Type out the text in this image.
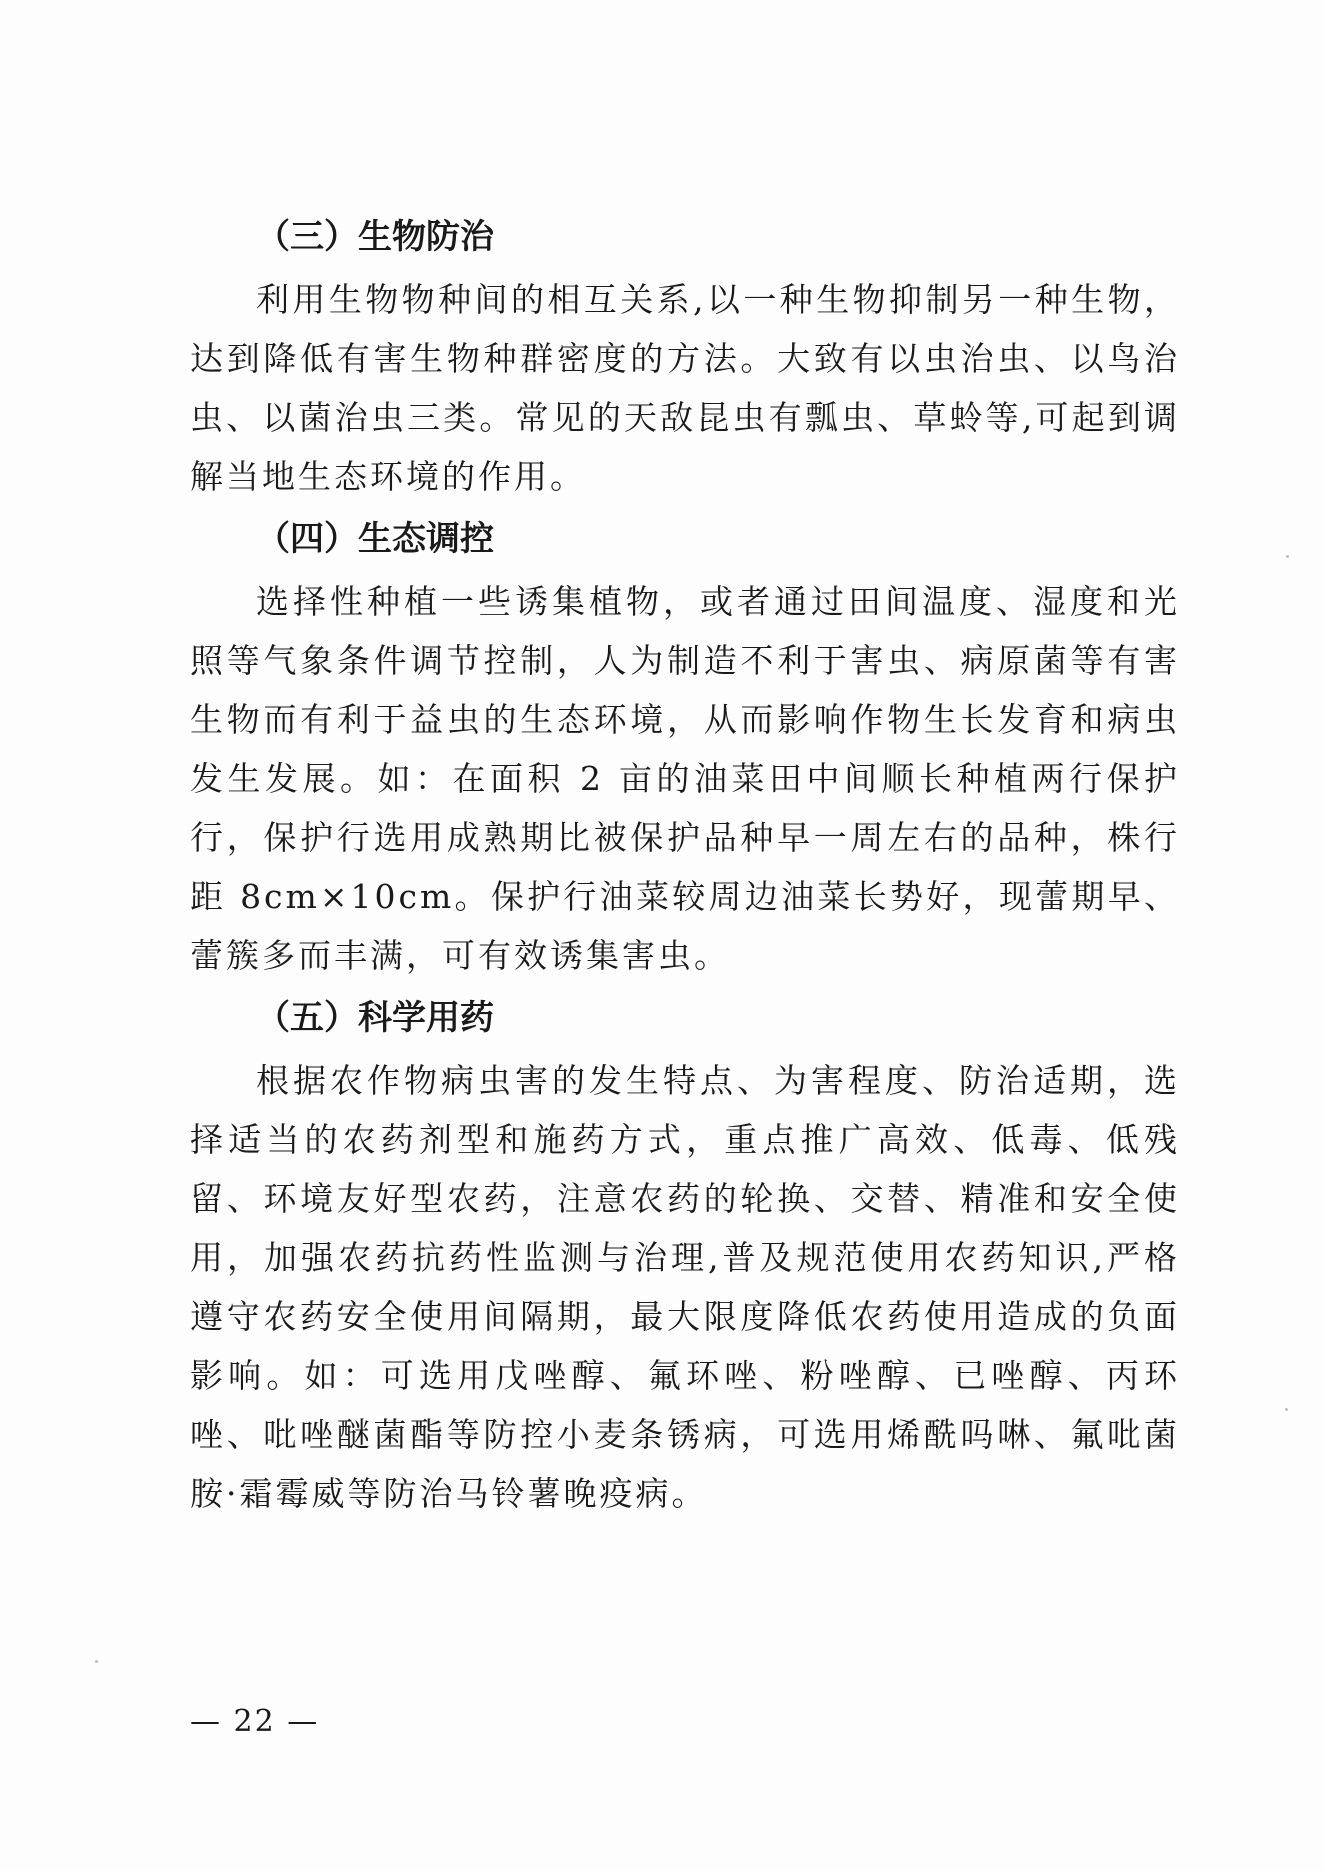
（三）生物防治

利用生物物种间的相互关系,以一种生物抑制另一种生物，达到降低有害生物种群密度的方法。大致有以虫治虫、以鸟治虫、以菌治虫三类。常见的天敌昆虫有瓢虫、草蛉等,可起到调解当地生态环境的作用。

（四）生态调控

选择性种植一些诱集植物，或者通过田间温度、湿度和光照等气象条件调节控制，人为制造不利于害虫、病原菌等有害生物而有利于益虫的生态环境，从而影响作物生长发育和病虫发生发展。如：在面积 2 亩的油菜田中间顺长种植两行保护行，保护行选用成熟期比被保护品种早一周左右的品种，株行距 8cm×10cm。保护行油菜较周边油菜长势好，现蕾期早、蕾簇多而丰满，可有效诱集害虫。

（五）科学用药

根据农作物病虫害的发生特点、为害程度、防治适期，选择适当的农药剂型和施药方式，重点推广高效、低毒、低残留、环境友好型农药，注意农药的轮换、交替、精准和安全使用，加强农药抗药性监测与治理,普及规范使用农药知识,严格遵守农药安全使用间隔期，最大限度降低农药使用造成的负面影响。如：可选用戊唑醇、氟环唑、粉唑醇、已唑醇、丙环唑、吡唑醚菌酯等防控小麦条锈病，可选用烯酰吗啉、氟吡菌胺·霜霉威等防治马铃薯晚疫病。

— 22 —
